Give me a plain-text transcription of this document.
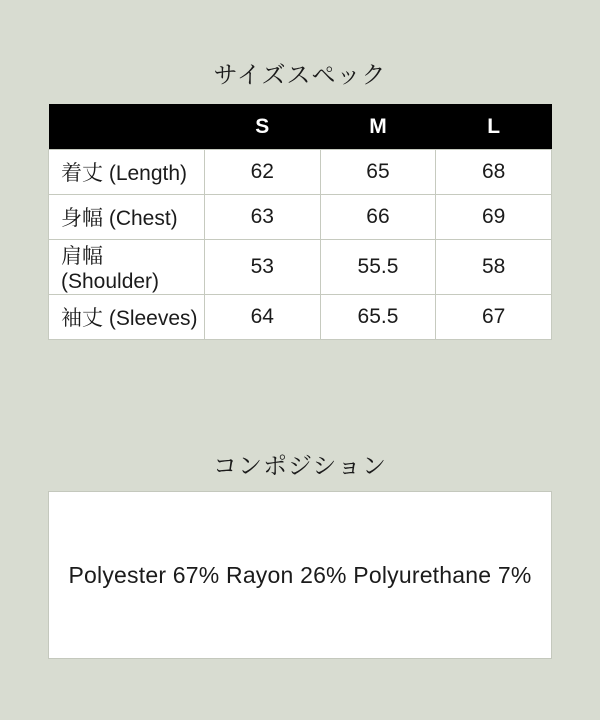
サイズスペック
	S	M	L
着丈 (Length)	62	65	68
身幅 (Chest)	63	66	69
肩幅 (Shoulder)	53	55.5	58
袖丈 (Sleeves)	64	65.5	67
コンポジション
Polyester 67% Rayon 26% Polyurethane 7%
